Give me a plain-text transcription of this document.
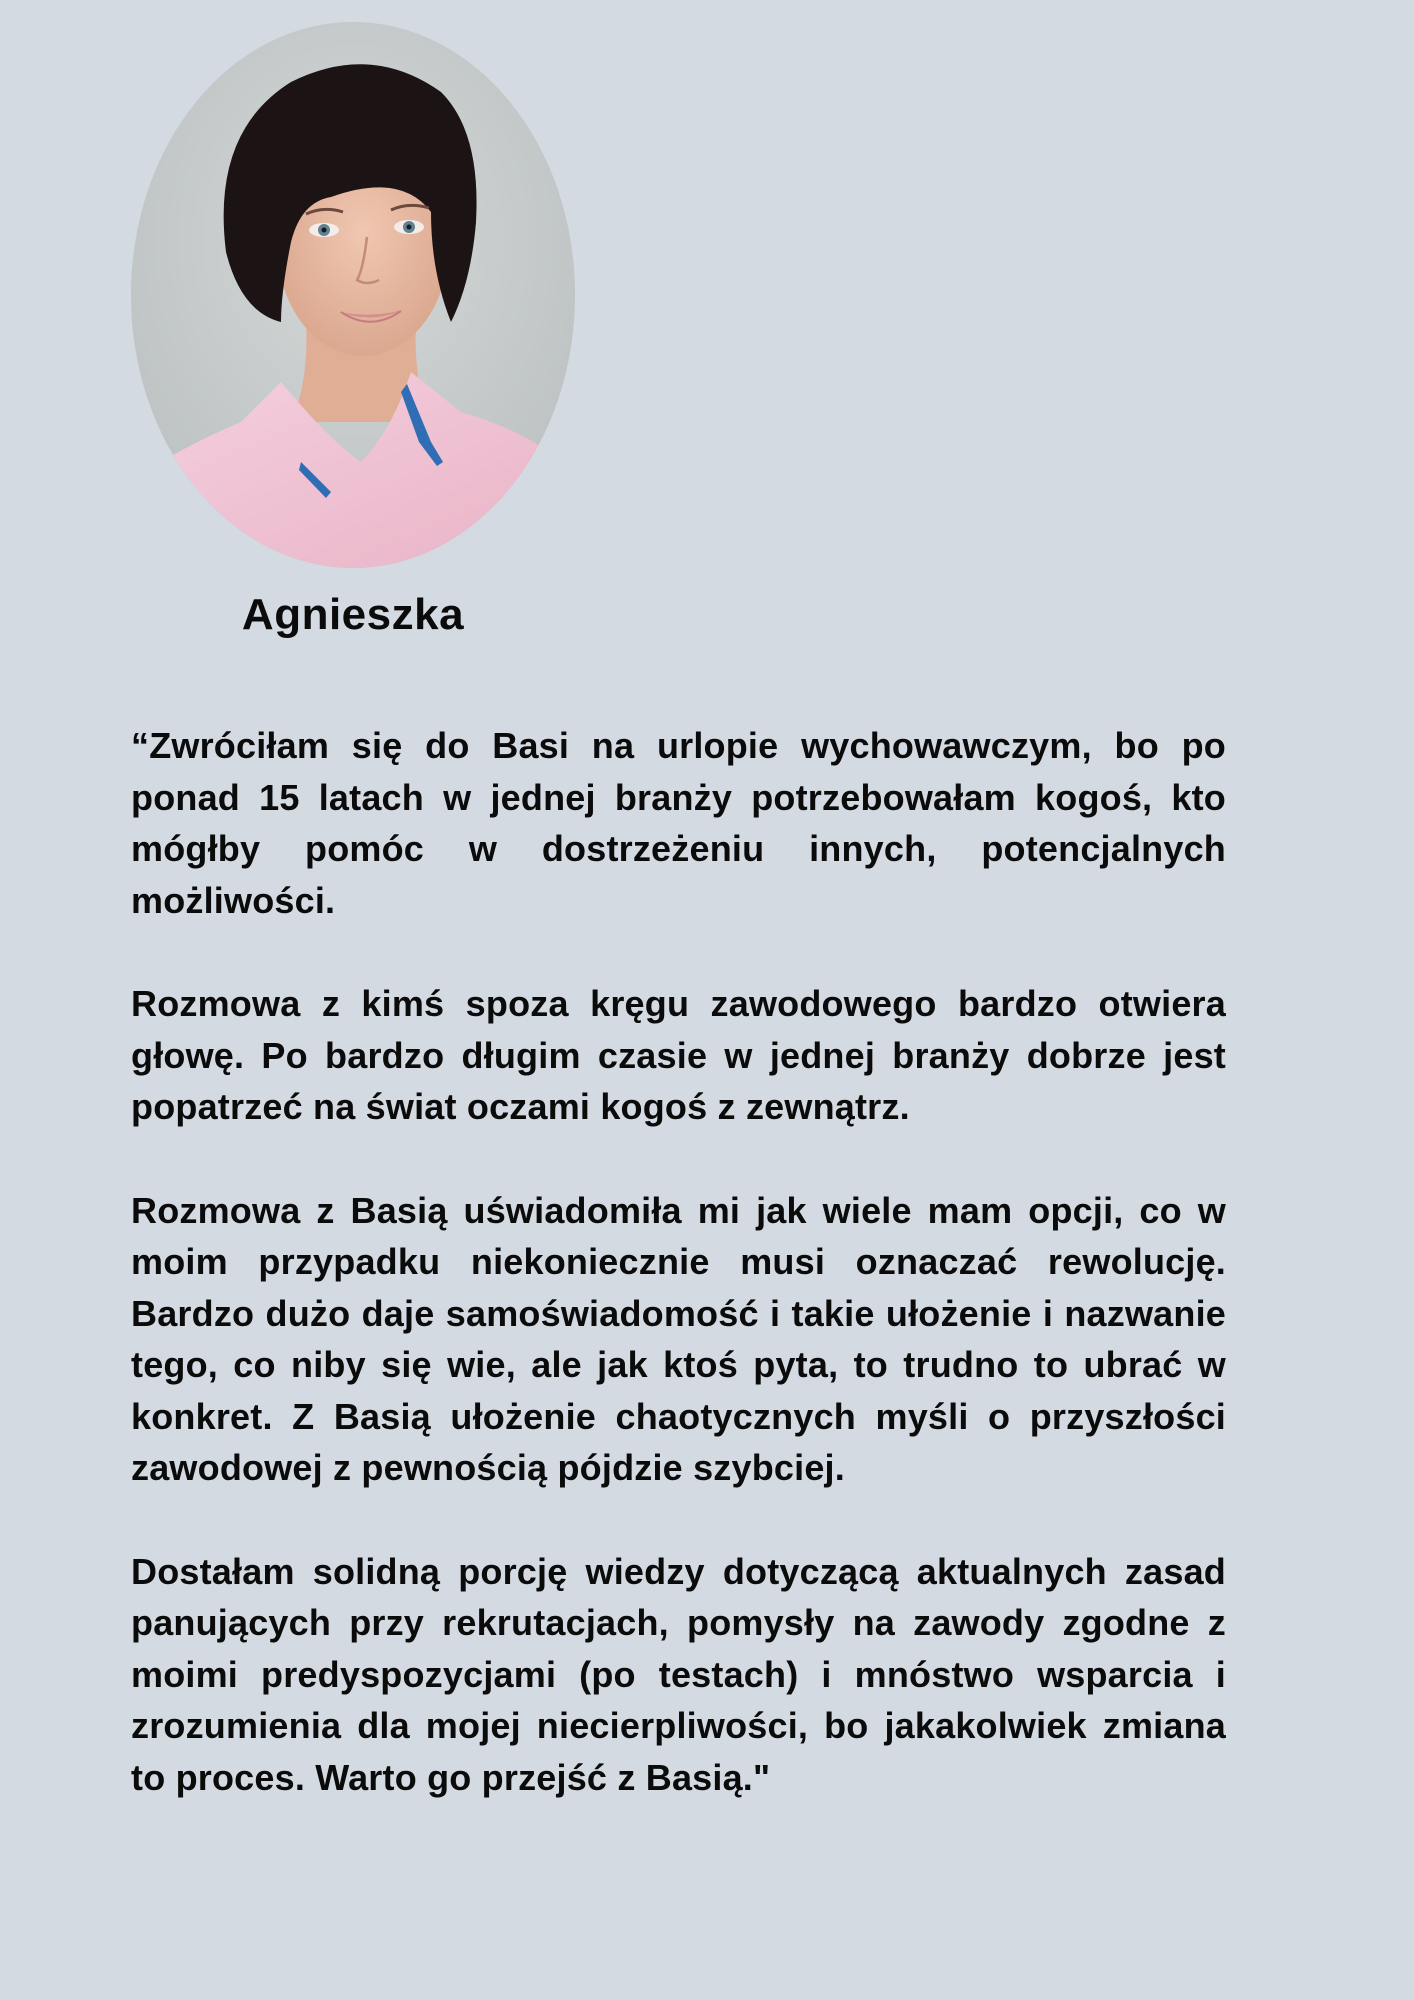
Agnieszka

“Zwróciłam się do Basi na urlopie wychowawczym, bo po ponad 15 latach w jednej branży potrzebowałam kogoś, kto mógłby pomóc w dostrzeżeniu innych, potencjalnych możliwości.

Rozmowa z kimś spoza kręgu zawodowego bardzo otwiera głowę. Po bardzo długim czasie w jednej branży dobrze jest popatrzeć na świat oczami kogoś z zewnątrz.

Rozmowa z Basią uświadomiła mi jak wiele mam opcji, co w moim przypadku niekoniecznie musi oznaczać rewolucję. Bardzo dużo daje samoświadomość i takie ułożenie i nazwanie tego, co niby się wie, ale jak ktoś pyta, to trudno to ubrać w konkret. Z Basią ułożenie chaotycznych myśli o przyszłości zawodowej z pewnością pójdzie szybciej.

Dostałam solidną porcję wiedzy dotyczącą aktualnych zasad panujących przy rekrutacjach, pomysły na zawody zgodne z moimi predyspozycjami (po testach) i mnóstwo wsparcia i zrozumienia dla mojej niecierpliwości, bo jakakolwiek zmiana to proces. Warto go przejść z Basią."
